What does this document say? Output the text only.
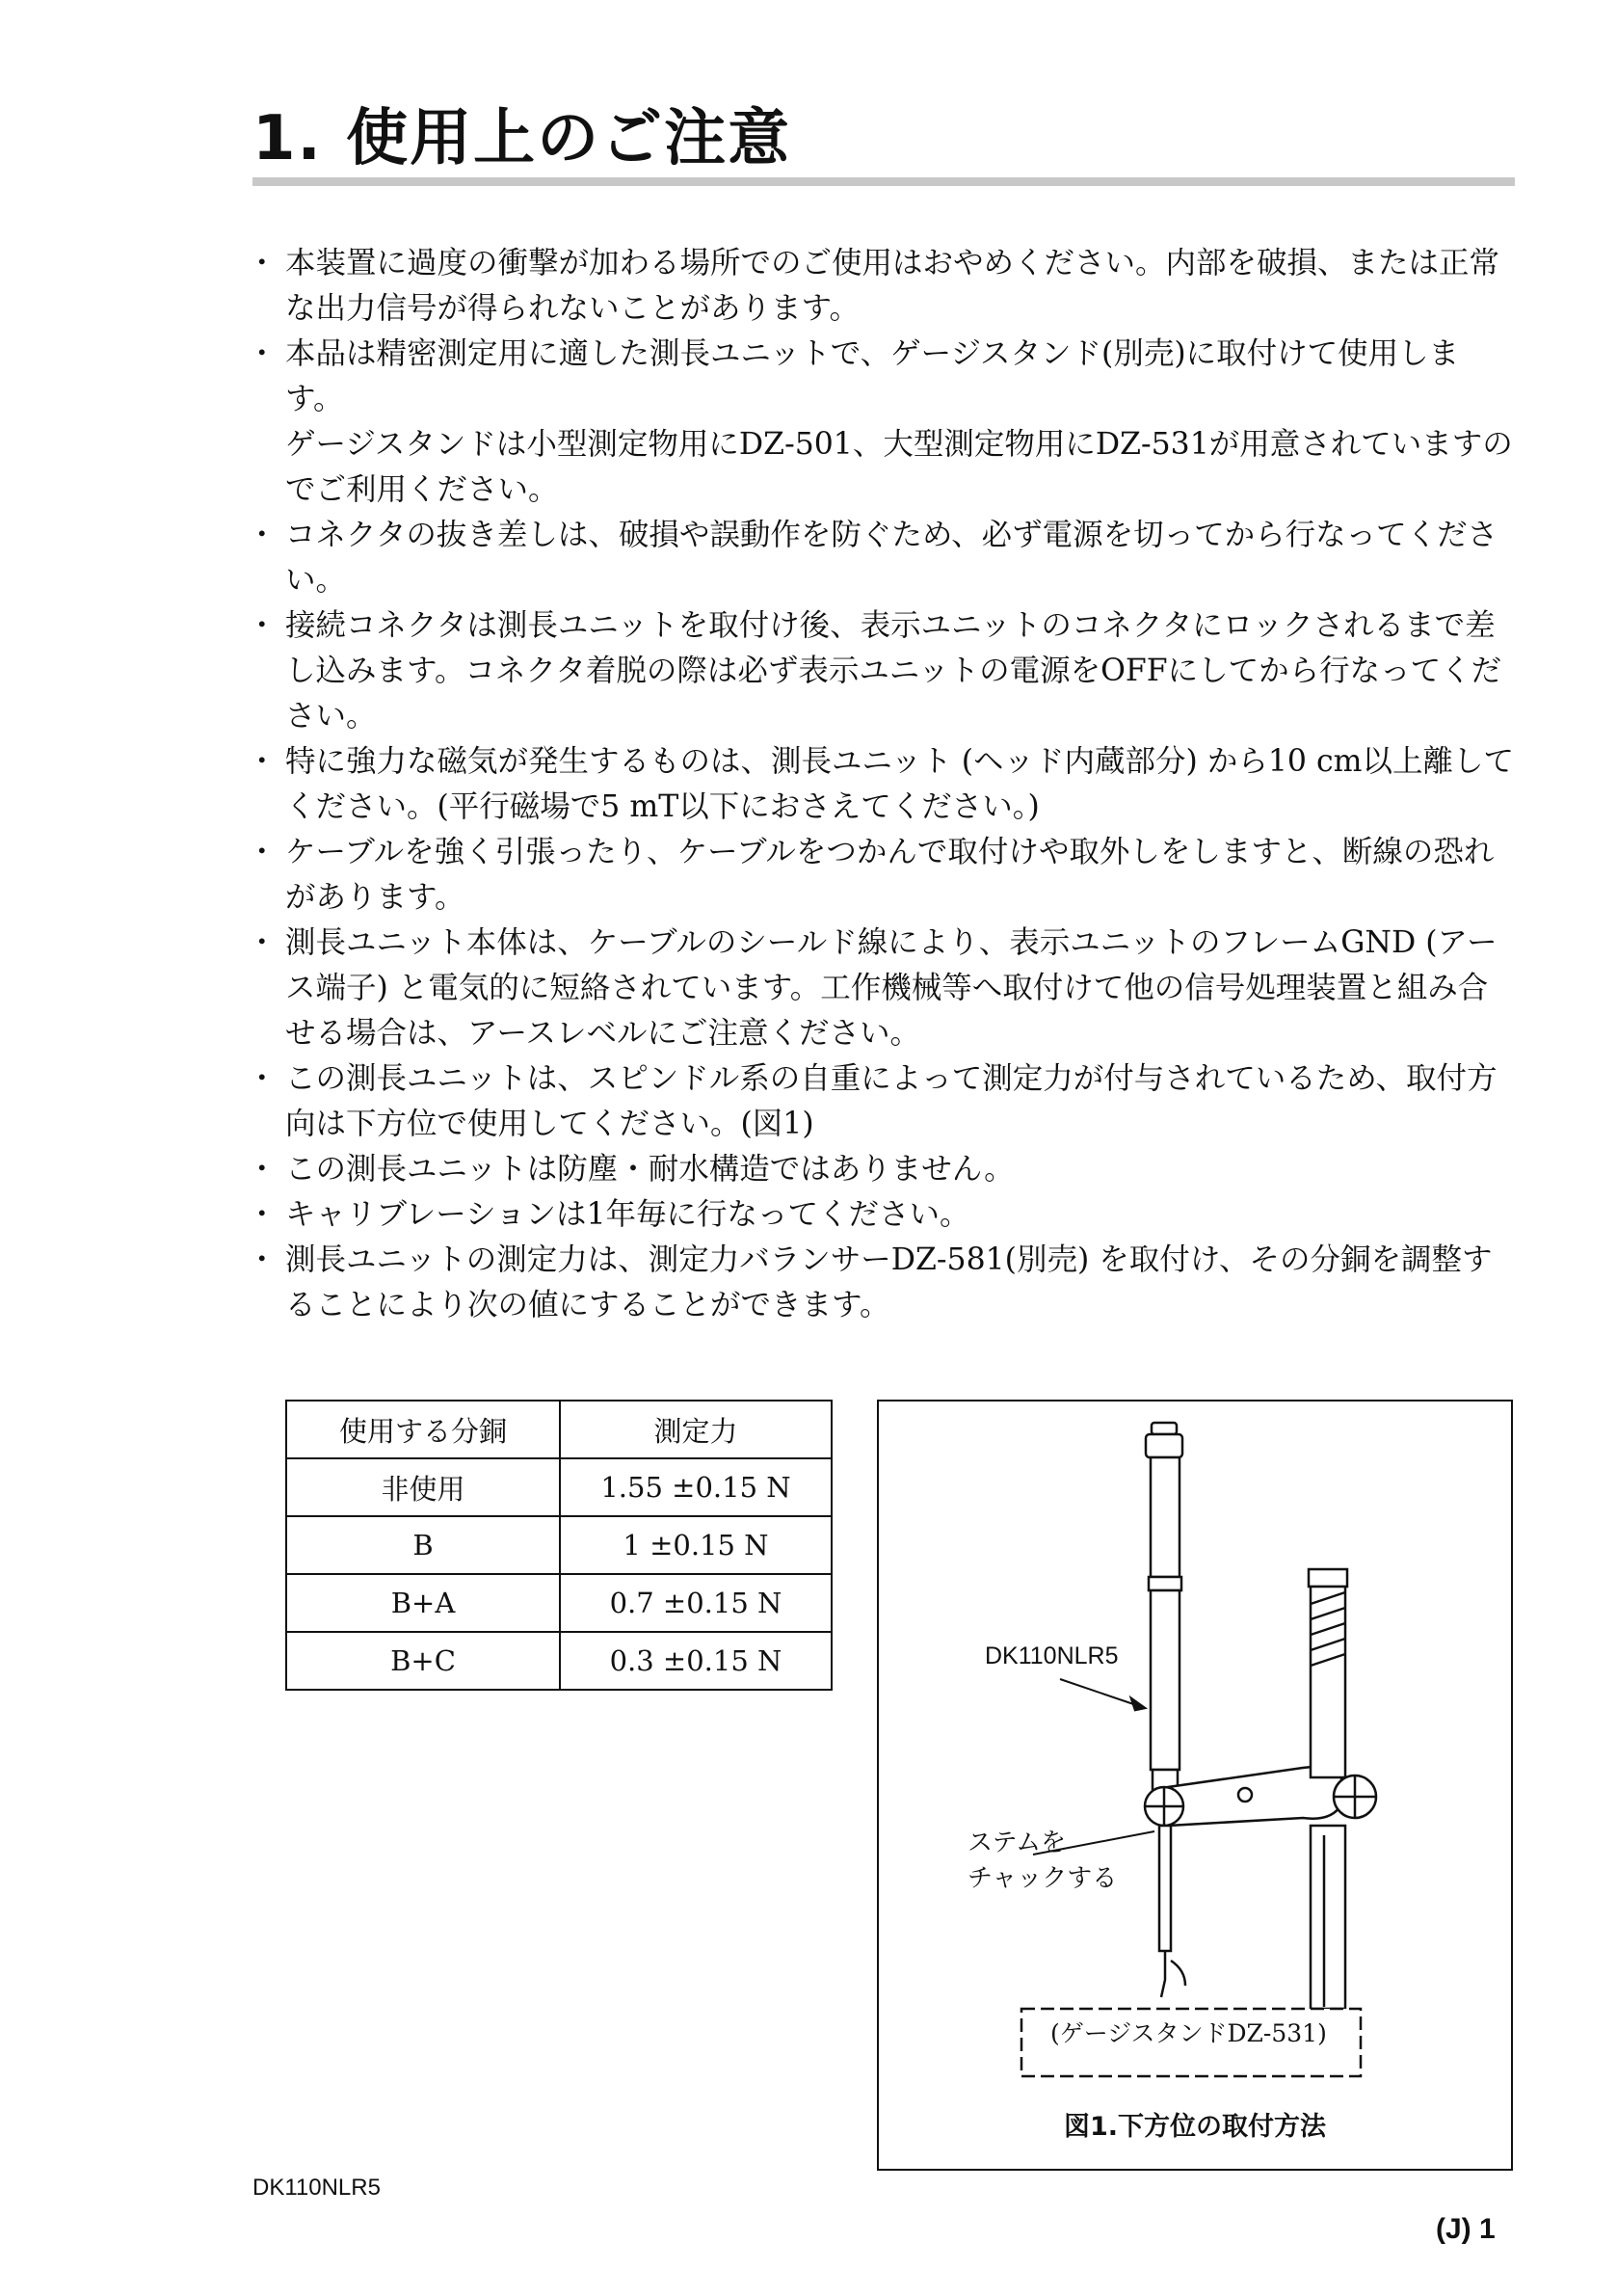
1. 使用上のご注意
・ 本装置に過度の衝撃が加わる場所でのご使用はおやめください。内部を破損、または正常な出力信号が得られないことがあります。
・ 本品は精密測定用に適した測長ユニットで、ゲージスタンド(別売)に取付けて使用します。
ゲージスタンドは小型測定物用にDZ-501、大型測定物用にDZ-531が用意されていますのでご利用ください。
・ コネクタの抜き差しは、破損や誤動作を防ぐため、必ず電源を切ってから行なってください。
・ 接続コネクタは測長ユニットを取付け後、表示ユニットのコネクタにロックされるまで差し込みます。コネクタ着脱の際は必ず表示ユニットの電源をOFFにしてから行なってください。
・ 特に強力な磁気が発生するものは、測長ユニット (ヘッド内蔵部分) から10 cm以上離してください。(平行磁場で5 mT以下におさえてください。)
・ ケーブルを強く引張ったり、ケーブルをつかんで取付けや取外しをしますと、断線の恐れがあります。
・ 測長ユニット本体は、ケーブルのシールド線により、表示ユニットのフレームGND (アース端子) と電気的に短絡されています。工作機械等へ取付けて他の信号処理装置と組み合せる場合は、アースレベルにご注意ください。
・ この測長ユニットは、スピンドル系の自重によって測定力が付与されているため、取付方向は下方位で使用してください。(図1)
・ この測長ユニットは防塵・耐水構造ではありません。
・ キャリブレーションは1年毎に行なってください。
・ 測長ユニットの測定力は、測定力バランサーDZ-581(別売) を取付け、その分銅を調整することにより次の値にすることができます。
使用する分銅	測定力
非使用	1.55 ±0.15 N
B	1 ±0.15 N
B+A	0.7 ±0.15 N
B+C	0.3 ±0.15 N	DK110NLR5
ステムを
チャックする
(ゲージスタンドDZ-531)
図1.下方位の取付方法
DK110NLR5
(J) 1
